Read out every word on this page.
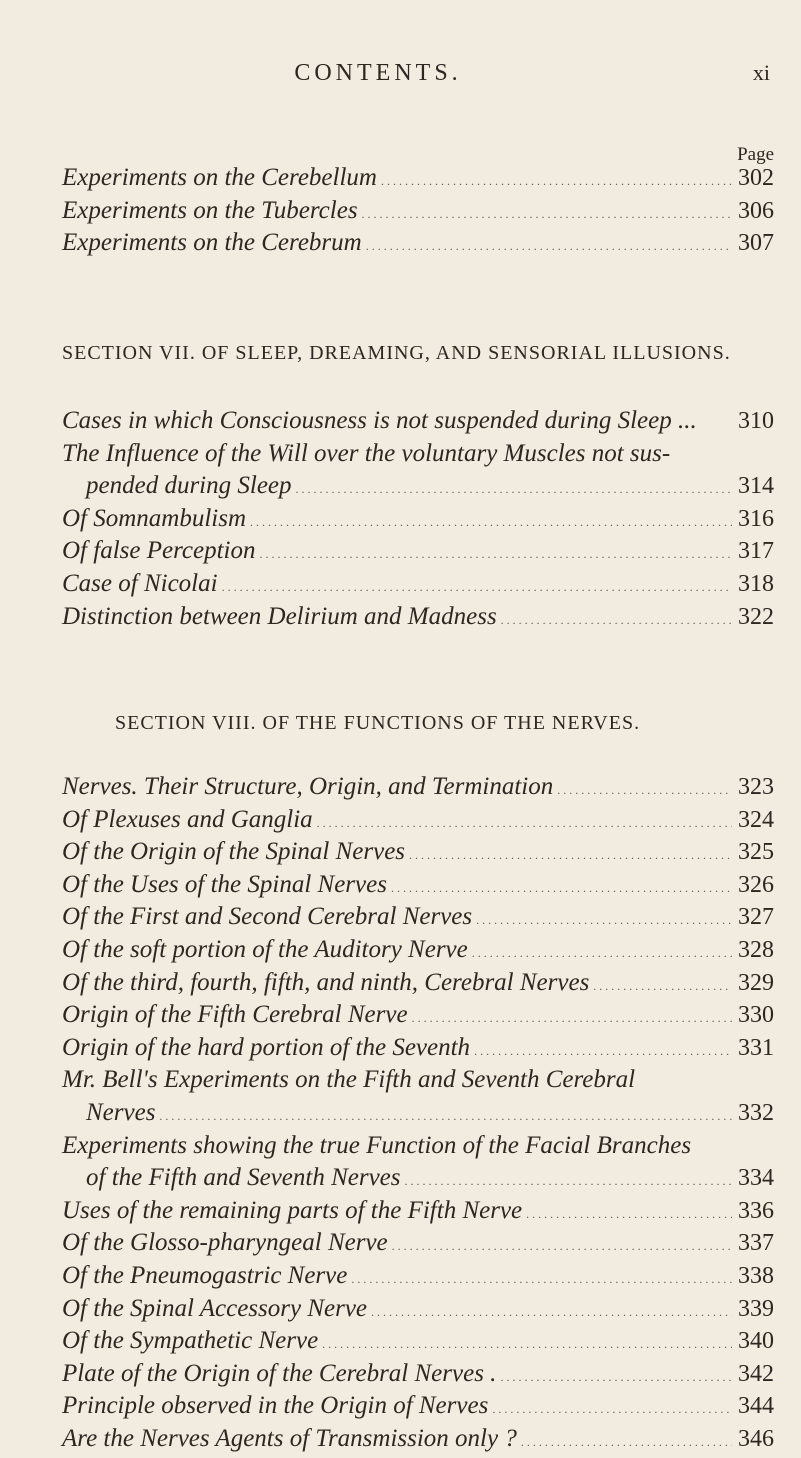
CONTENTS.	xi
Page
Experiments on the Cerebellum .....	302
Experiments on the Tubercles .....	306
Experiments on the Cerebrum .....	307
SECTION VII. OF SLEEP, DREAMING, AND SENSORIAL ILLUSIONS.
Cases in which Consciousness is not suspended during Sleep ... 310
The Influence of the Will over the voluntary Muscles not sus-
pended during Sleep .....	314
Of Somnambulism .....	316
Of false Perception .....	317
Case of Nicolai .....	318
Distinction between Delirium and Madness .....	322
SECTION VIII. OF THE FUNCTIONS OF THE NERVES.
Nerves. Their Structure, Origin, and Termination .....	323
Of Plexuses and Ganglia .....	324
Of the Origin of the Spinal Nerves .....	325
Of the Uses of the Spinal Nerves .....	326
Of the First and Second Cerebral Nerves .....	327
Of the soft portion of the Auditory Nerve .....	328
Of the third, fourth, fifth, and ninth, Cerebral Nerves .....	329
Origin of the Fifth Cerebral Nerve .....	330
Origin of the hard portion of the Seventh .....	331
Mr. Bell's Experiments on the Fifth and Seventh Cerebral
Nerves .....	332
Experiments showing the true Function of the Facial Branches
of the Fifth and Seventh Nerves .....	334
Uses of the remaining parts of the Fifth Nerve .....	336
Of the Glosso-pharyngeal Nerve .....	337
Of the Pneumogastric Nerve .....	338
Of the Spinal Accessory Nerve .....	339
Of the Sympathetic Nerve .....	340
Plate of the Origin of the Cerebral Nerves . .....	342
Principle observed in the Origin of Nerves .....	344
Are the Nerves Agents of Transmission only ? .....	346
